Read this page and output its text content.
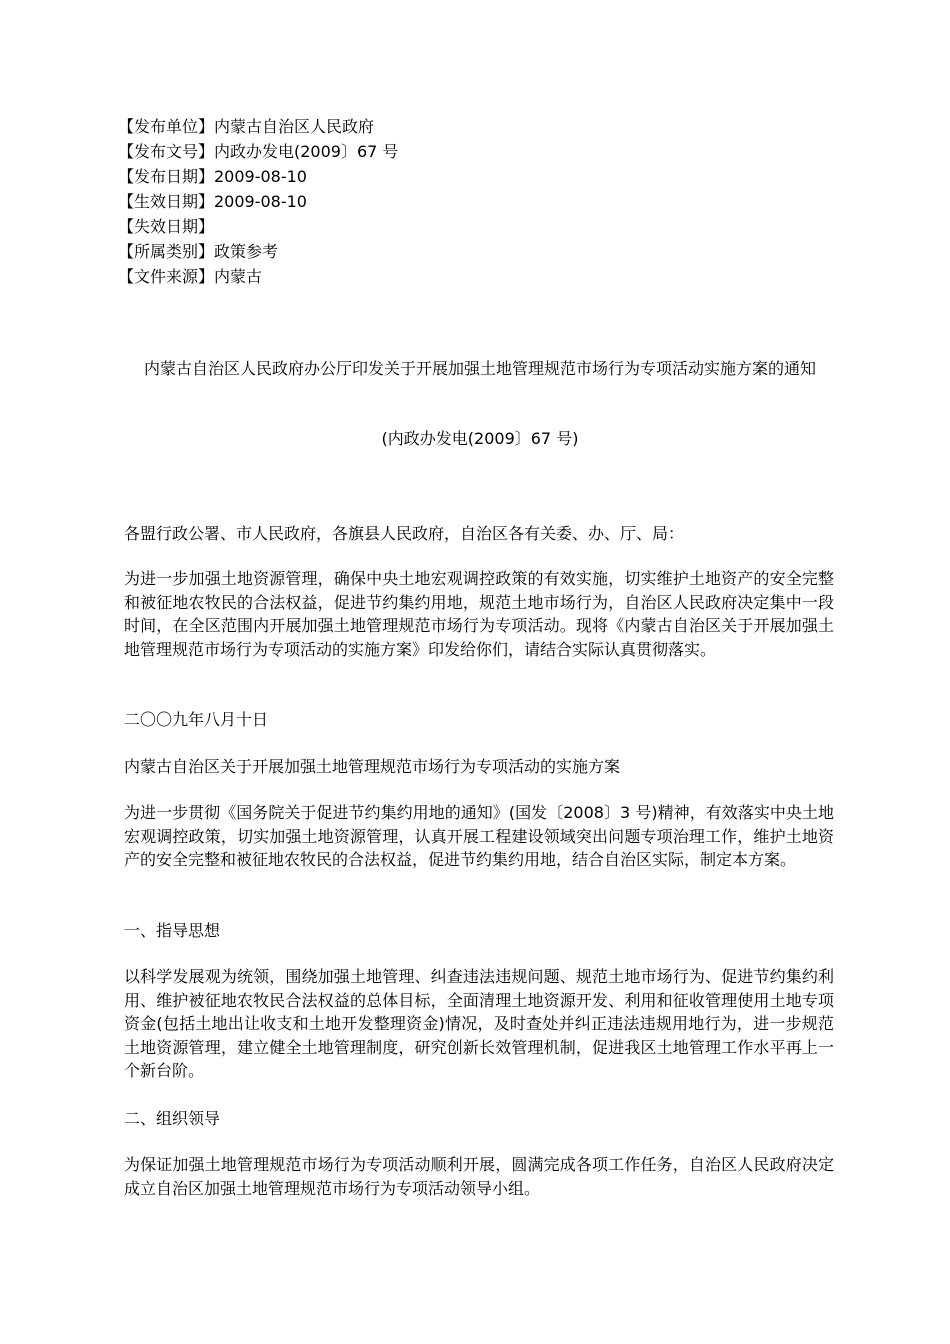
【发布单位】内蒙古自治区人民政府
【发布文号】内政办发电(2009〕67 号
【发布日期】2009-08-10
【生效日期】2009-08-10
【失效日期】
【所属类别】政策参考
【文件来源】内蒙古
内蒙古自治区人民政府办公厅印发关于开展加强土地管理规范市场行为专项活动实施方案的通知
(内政办发电(2009〕67 号)
各盟行政公署、市人民政府，各旗县人民政府，自治区各有关委、办、厅、局：
为进一步加强土地资源管理，确保中央土地宏观调控政策的有效实施，切实维护土地资产的安全完整和被征地农牧民的合法权益，促进节约集约用地，规范土地市场行为，自治区人民政府决定集中一段时间，在全区范围内开展加强土地管理规范市场行为专项活动。现将《内蒙古自治区关于开展加强土地管理规范市场行为专项活动的实施方案》印发给你们，请结合实际认真贯彻落实。
二〇〇九年八月十日
内蒙古自治区关于开展加强土地管理规范市场行为专项活动的实施方案
为进一步贯彻《国务院关于促进节约集约用地的通知》(国发〔2008〕3 号)精神，有效落实中央土地宏观调控政策，切实加强土地资源管理，认真开展工程建设领域突出问题专项治理工作，维护土地资产的安全完整和被征地农牧民的合法权益，促进节约集约用地，结合自治区实际，制定本方案。
一、指导思想
以科学发展观为统领，围绕加强土地管理、纠查违法违规问题、规范土地市场行为、促进节约集约利用、维护被征地农牧民合法权益的总体目标，全面清理土地资源开发、利用和征收管理使用土地专项资金(包括土地出让收支和土地开发整理资金)情况，及时查处并纠正违法违规用地行为，进一步规范土地资源管理，建立健全土地管理制度，研究创新长效管理机制，促进我区土地管理工作水平再上一个新台阶。
二、组织领导
为保证加强土地管理规范市场行为专项活动顺利开展，圆满完成各项工作任务，自治区人民政府决定成立自治区加强土地管理规范市场行为专项活动领导小组。
